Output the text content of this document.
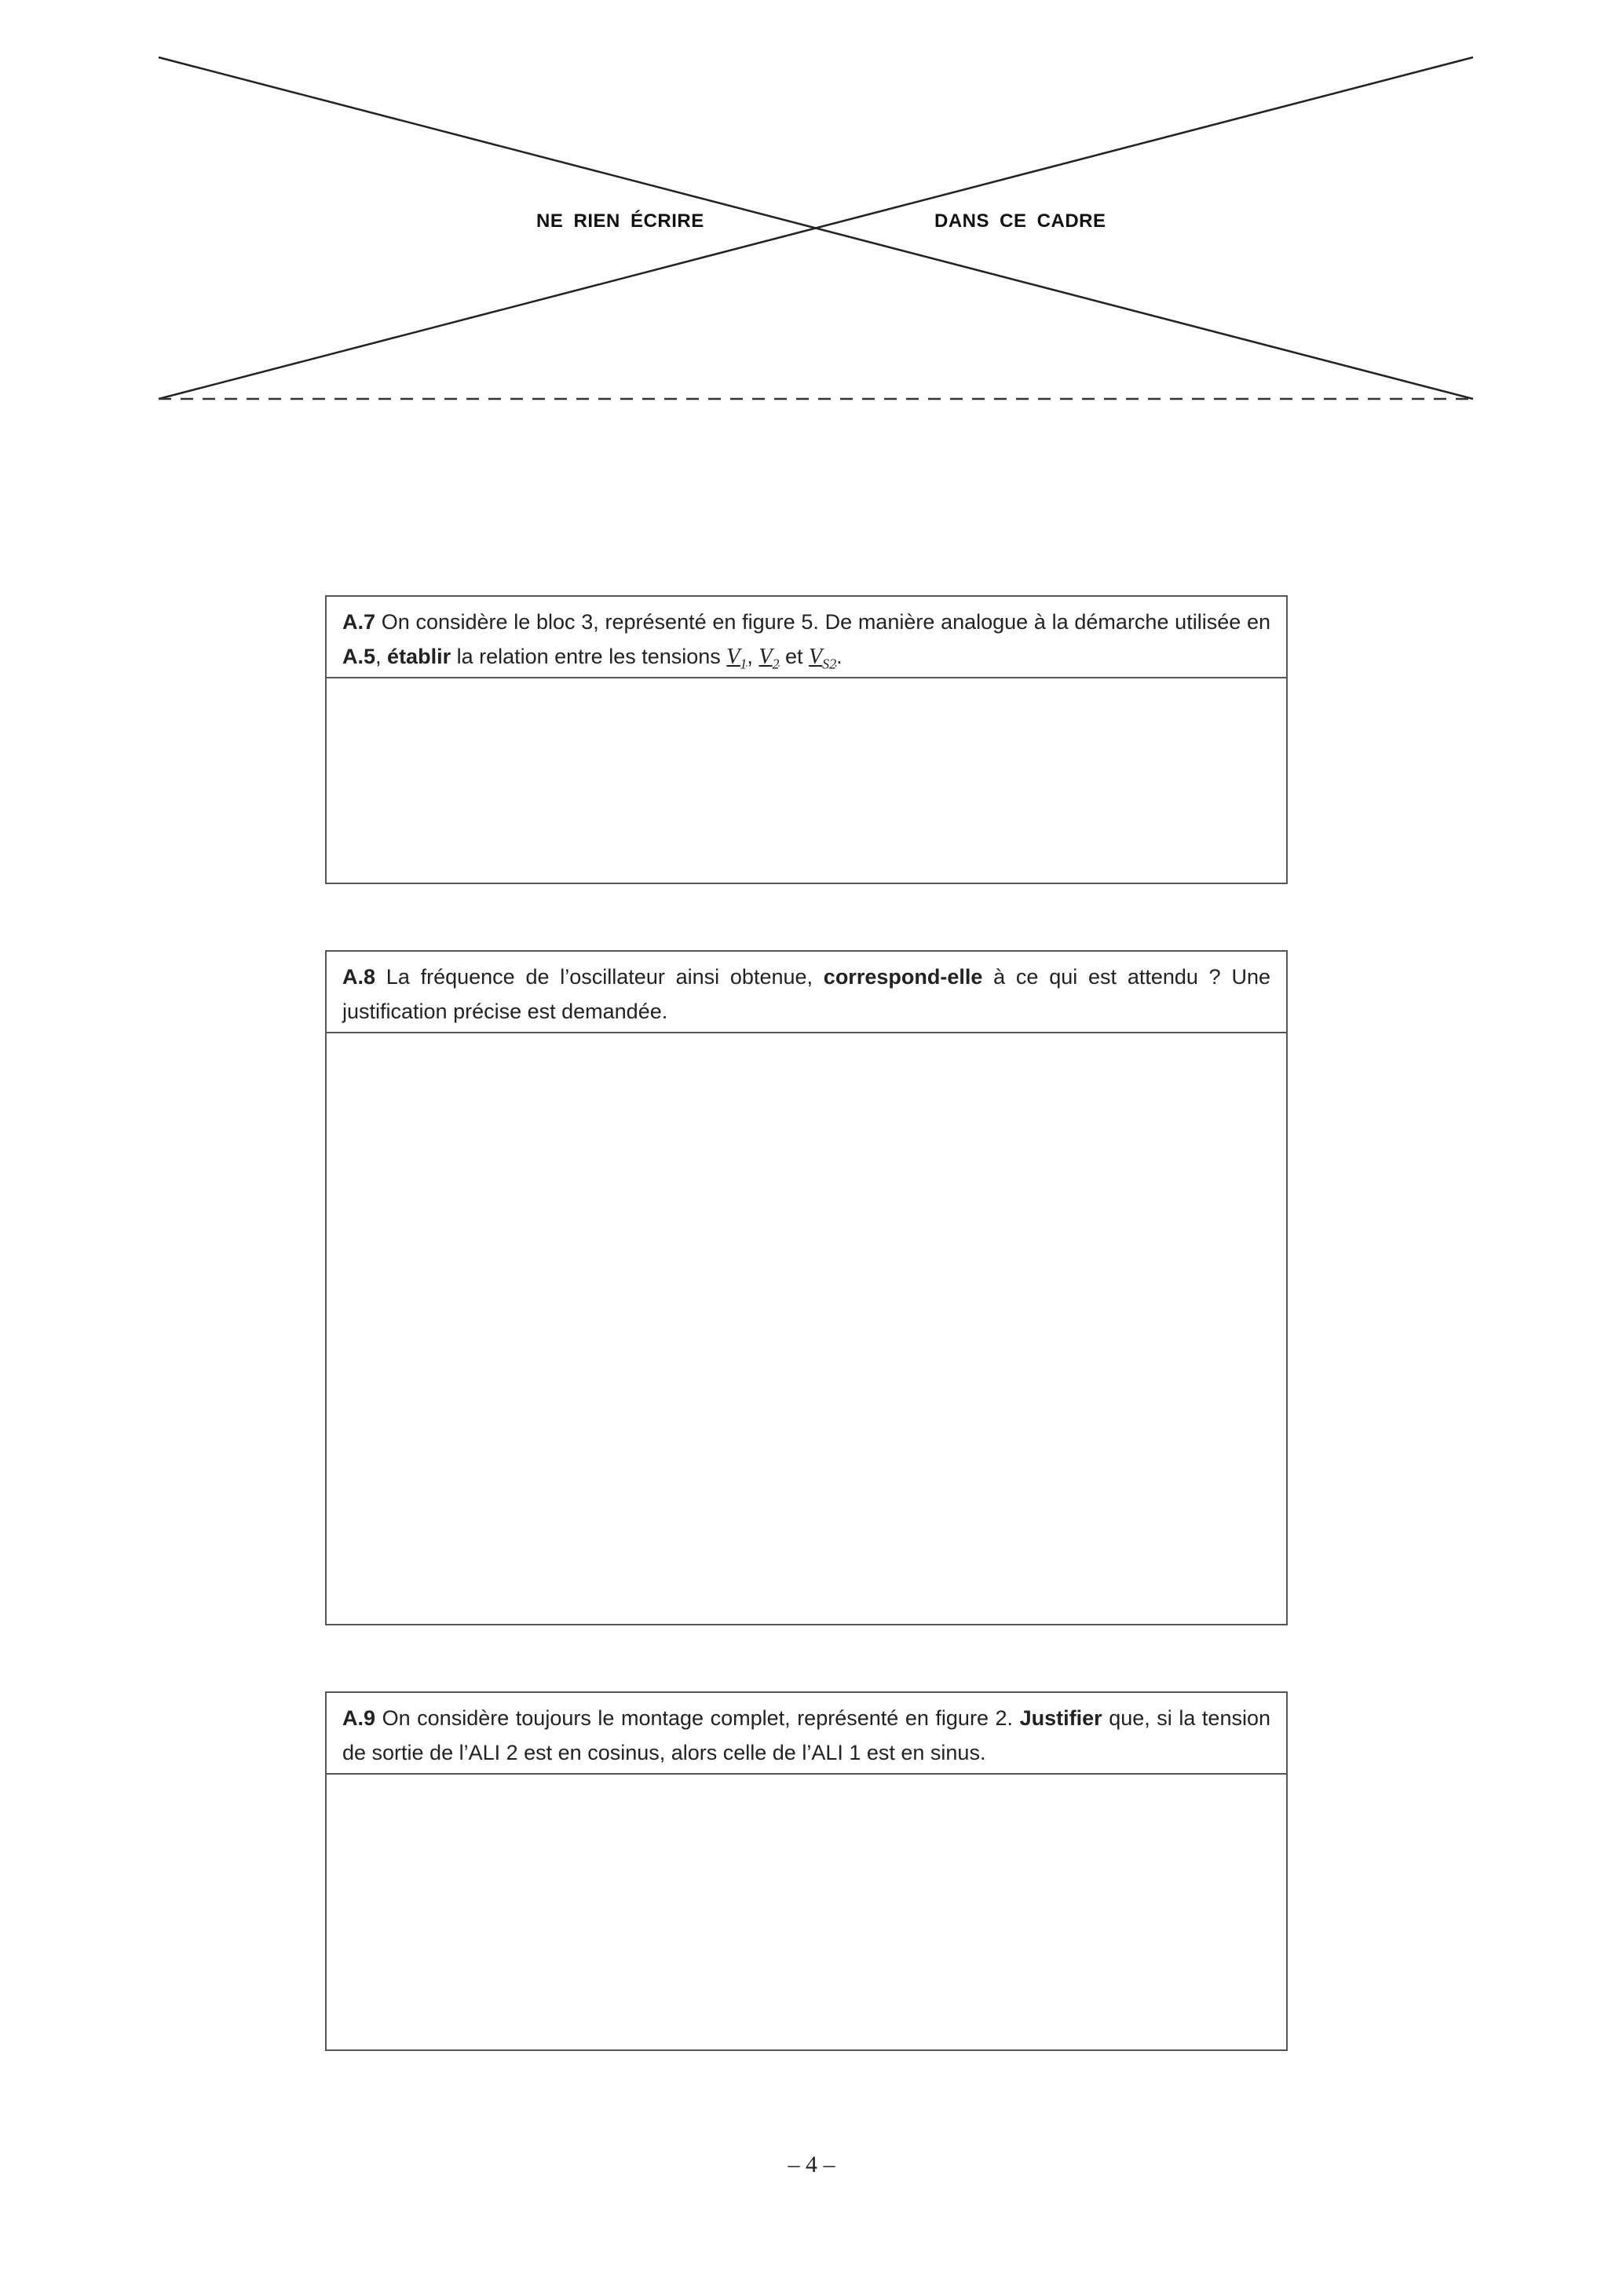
NE RIEN ÉCRIRE	DANS CE CADRE
A.7 On considère le bloc 3, représenté en figure 5. De manière analogue à la démarche utilisée en A.5, établir la relation entre les tensions $V_1$, $V_2$ et $V_{S2}$.
A.8 La fréquence de l’oscillateur ainsi obtenue, correspond-elle à ce qui est attendu ? Une justification précise est demandée.
A.9 On considère toujours le montage complet, représenté en figure 2. Justifier que, si la tension de sortie de l’ALI 2 est en cosinus, alors celle de l’ALI 1 est en sinus.
– 4 –
